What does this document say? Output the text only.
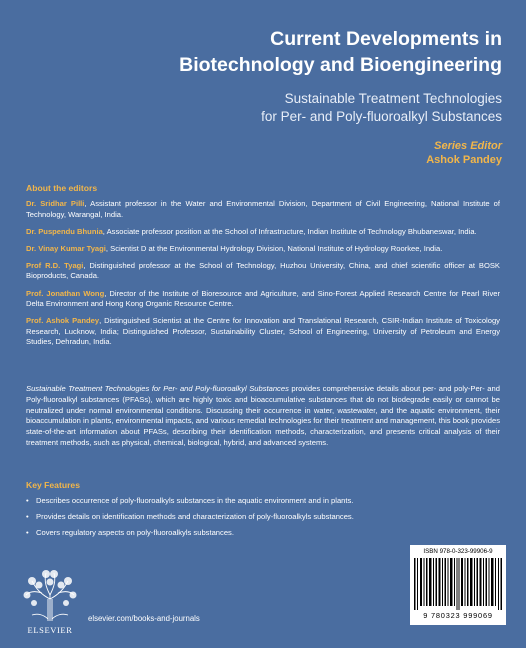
Current Developments in
Biotechnology and Bioengineering
Sustainable Treatment Technologies
for Per- and Poly-fluoroalkyl Substances
Series Editor
Ashok Pandey
About the editors

Dr. Sridhar Pilli, Assistant professor in the Water and Environmental Division, Department of Civil Engineering, National Institute of Technology, Warangal, India.

Dr. Puspendu Bhunia, Associate professor position at the School of Infrastructure, Indian Institute of Technology Bhubaneswar, India.

Dr. Vinay Kumar Tyagi, Scientist D at the Environmental Hydrology Division, National Institute of Hydrology Roorkee, India.

Prof R.D. Tyagi, Distinguished professor at the School of Technology, Huzhou University, China, and chief scientific officer at BOSK Bioproducts, Canada.

Prof. Jonathan Wong, Director of the Institute of Bioresource and Agriculture, and Sino-Forest Applied Research Centre for Pearl River Delta Environment and Hong Kong Organic Resource Centre.

Prof. Ashok Pandey, Distinguished Scientist at the Centre for Innovation and Translational Research, CSIR-Indian Institute of Toxicology Research, Lucknow, India; Distinguished Professor, Sustainability Cluster, School of Engineering, University of Petroleum and Energy Studies, Dehradun, India.

Sustainable Treatment Technologies for Per- and Poly-fluoroalkyl Substances provides comprehensive details about per- and poly-Per- and Poly-fluoroalkyl substances (PFASs), which are highly toxic and bioaccumulative substances that do not biodegrade easily or cannot be neutralized under normal environmental conditions. Discussing their occurrence in water, wastewater, and the aquatic environment, their bioaccumulation in plants, environmental impacts, and various remedial technologies for their treatment and management, this book provides state-of-the-art information about PFASs, describing their identification methods, characterization, and presents critical analysis of their treatment methods, such as physical, chemical, biological, hybrid, and advanced systems.

Key Features
• Describes occurrence of poly-fluoroalkyls substances in the aquatic environment and in plants.
• Provides details on identification methods and characterization of poly-fluoroalkyls substances.
• Covers regulatory aspects on poly-fluoroalkyls substances.
ELSEVIER
elsevier.com/books-and-journals
ISBN 978-0-323-99906-9
9 780323 999069
